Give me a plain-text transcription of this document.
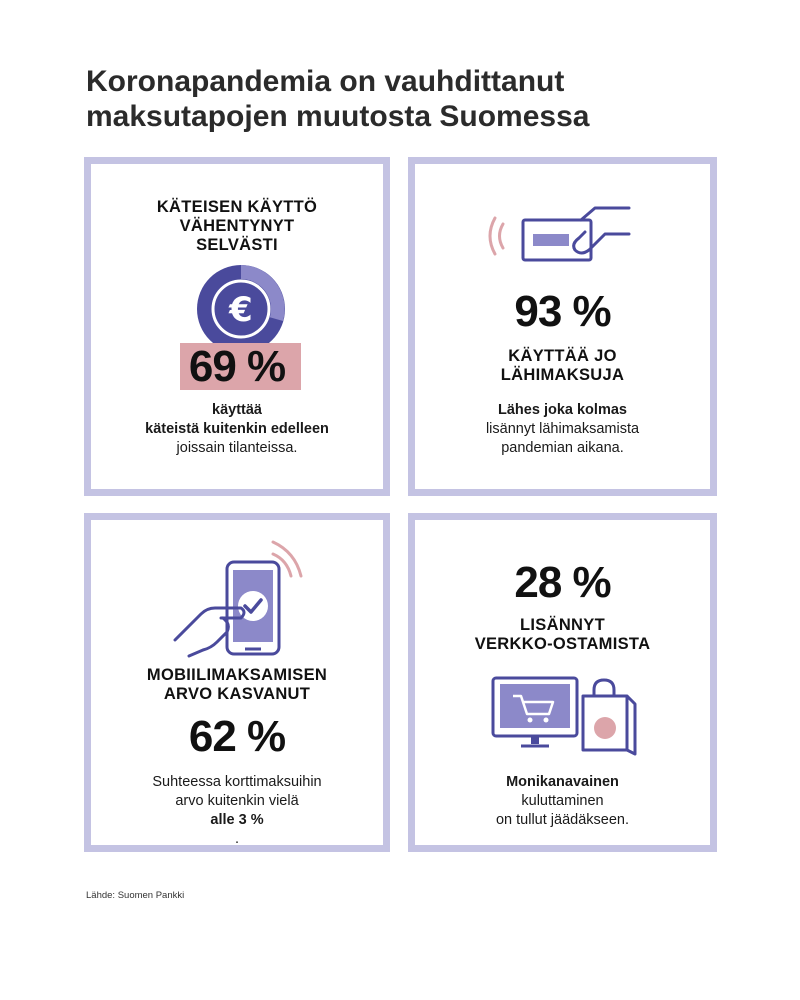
Koronapandemia on vauhdittanut
maksutapojen muutosta Suomessa
KÄTEISEN KÄYTTÖ
VÄHENTYNYT
SELVÄSTI
€
69 %
käyttää
käteistä kuitenkin edelleen
joissain tilanteissa.
93 %
KÄYTTÄÄ JO
LÄHIMAKSUJA
Lähes joka kolmas
lisännyt lähimaksamista
pandemian aikana.
MOBIILIMAKSAMISEN
ARVO KASVANUT
62 %
Suhteessa korttimaksuihin
arvo kuitenkin vielä
alle 3 %
.
28 %
LISÄNNYT
VERKKO-OSTAMISTA
Monikanavainen
kuluttaminen
on tullut jäädäkseen.
Lähde: Suomen Pankki
